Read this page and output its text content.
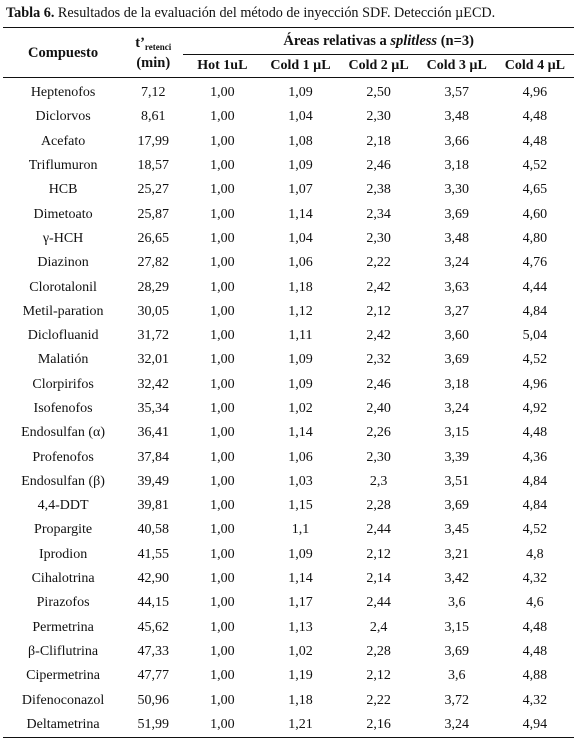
Tabla 6. Resultados de la evaluación del método de inyección SDF. Detección µECD.
Compuesto	$t’_{retenci}$
(min)	Áreas relativas a splitless (n=3)				
		Hot 1uL	Cold 1 µL	Cold 2 µL	Cold 3 µL	Cold 4 µL
Heptenofos	7,12	1,00	1,09	2,50	3,57	4,96
Diclorvos	8,61	1,00	1,04	2,30	3,48	4,48
Acefato	17,99	1,00	1,08	2,18	3,66	4,48
Triflumuron	18,57	1,00	1,09	2,46	3,18	4,52
HCB	25,27	1,00	1,07	2,38	3,30	4,65
Dimetoato	25,87	1,00	1,14	2,34	3,69	4,60
γ-HCH	26,65	1,00	1,04	2,30	3,48	4,80
Diazinon	27,82	1,00	1,06	2,22	3,24	4,76
Clorotalonil	28,29	1,00	1,18	2,42	3,63	4,44
Metil-paration	30,05	1,00	1,12	2,12	3,27	4,84
Diclofluanid	31,72	1,00	1,11	2,42	3,60	5,04
Malatión	32,01	1,00	1,09	2,32	3,69	4,52
Clorpirifos	32,42	1,00	1,09	2,46	3,18	4,96
Isofenofos	35,34	1,00	1,02	2,40	3,24	4,92
Endosulfan (α)	36,41	1,00	1,14	2,26	3,15	4,48
Profenofos	37,84	1,00	1,06	2,30	3,39	4,36
Endosulfan (β)	39,49	1,00	1,03	2,3	3,51	4,84
4,4-DDT	39,81	1,00	1,15	2,28	3,69	4,84
Propargite	40,58	1,00	1,1	2,44	3,45	4,52
Iprodion	41,55	1,00	1,09	2,12	3,21	4,8
Cihalotrina	42,90	1,00	1,14	2,14	3,42	4,32
Pirazofos	44,15	1,00	1,17	2,44	3,6	4,6
Permetrina	45,62	1,00	1,13	2,4	3,15	4,48
β-Cliflutrina	47,33	1,00	1,02	2,28	3,69	4,48
Cipermetrina	47,77	1,00	1,19	2,12	3,6	4,88
Difenoconazol	50,96	1,00	1,18	2,22	3,72	4,32
Deltametrina	51,99	1,00	1,21	2,16	3,24	4,94
